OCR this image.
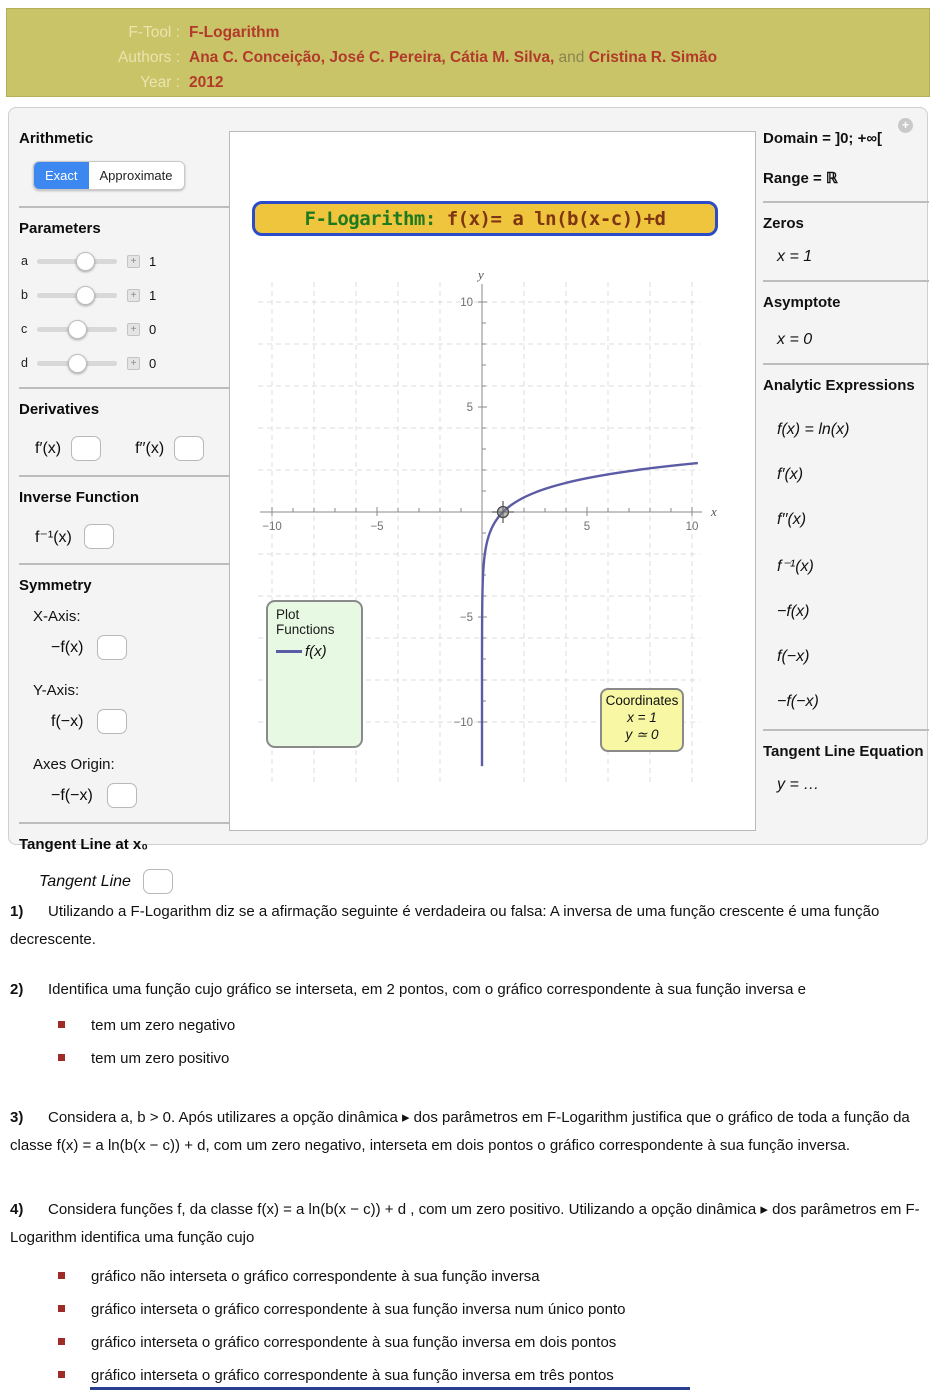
F-Tool : F-Logarithm
Authors : Ana C. Conceição, José C. Pereira, Cátia M. Silva, and Cristina R. Simão
Year : 2012
+
Arithmetic
Exact	Approximate
Parameters
a	+ 1
b	+ 1
c	+ 0
d	+ 0
Derivatives
f′(x)	f′′(x)
Inverse Function
f⁻¹(x)
Symmetry
X-Axis:
−f(x)
Y-Axis:
f(−x)
Axes Origin:
−f(−x)
Tangent Line at x₀
Tangent Line
−10	−5	5	10
10
5
−5
−10
x
y
F-Logarithm: f(x)= a ln(b(x-c))+d
Plot Functions
f(x)
Coordinates
x = 1
y ≃ 0
Domain = ]0; +∞[
Range = ℝ
Zeros
x = 1
Asymptote
x = 0
Analytic Expressions
f(x) = ln(x)
f′(x)
f′′(x)
f⁻¹(x)
−f(x)
f(−x)
−f(−x)
Tangent Line Equation
y = …
1) Utilizando a F-Logarithm diz se a afirmação seguinte é verdadeira ou falsa: A inversa de uma função crescente é uma função decrescente.
2) Identifica uma função cujo gráfico se interseta, em 2 pontos, com o gráfico correspondente à sua função inversa e
tem um zero negativo
tem um zero positivo
3) Considera a, b > 0. Após utilizares a opção dinâmica ▸ dos parâmetros em F-Logarithm justifica que o gráfico de toda a função da classe f(x) = a ln(b(x − c)) + d, com um zero negativo, interseta em dois pontos o gráfico correspondente à sua função inversa.
4) Considera funções f, da classe f(x) = a ln(b(x − c)) + d , com um zero positivo. Utilizando a opção dinâmica ▸ dos parâmetros em F-Logarithm identifica uma função cujo
gráfico não interseta o gráfico correspondente à sua função inversa
gráfico interseta o gráfico correspondente à sua função inversa num único ponto
gráfico interseta o gráfico correspondente à sua função inversa em dois pontos
gráfico interseta o gráfico correspondente à sua função inversa em três pontos
